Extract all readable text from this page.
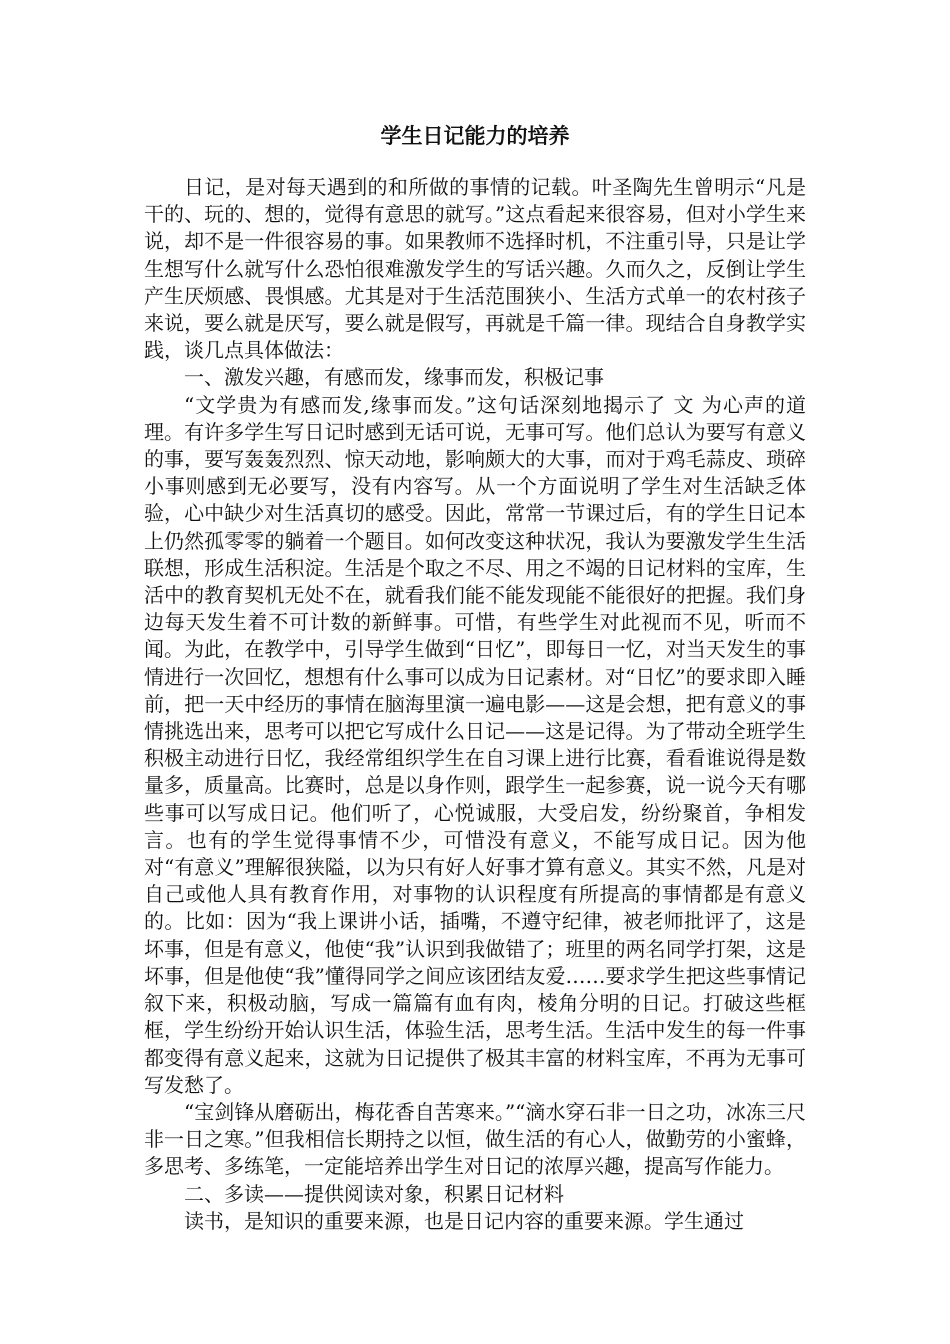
学生日记能力的培养

日记，是对每天遇到的和所做的事情的记载。叶圣陶先生曾明示“凡是干的、玩的、想的，觉得有意思的就写。”这点看起来很容易，但对小学生来说，却不是一件很容易的事。如果教师不选择时机，不注重引导，只是让学生想写什么就写什么恐怕很难激发学生的写话兴趣。久而久之，反倒让学生产生厌烦感、畏惧感。尤其是对于生活范围狭小、生活方式单一的农村孩子来说，要么就是厌写，要么就是假写，再就是千篇一律。现结合自身教学实践，谈几点具体做法：

一、激发兴趣，有感而发，缘事而发，积极记事

“文学贵为有感而发,缘事而发。”这句话深刻地揭示了 文 为心声的道理。有许多学生写日记时感到无话可说，无事可写。他们总认为要写有意义的事，要写轰轰烈烈、惊天动地，影响颇大的大事，而对于鸡毛蒜皮、琐碎小事则感到无必要写，没有内容写。从一个方面说明了学生对生活缺乏体验，心中缺少对生活真切的感受。因此，常常一节课过后，有的学生日记本上仍然孤零零的躺着一个题目。如何改变这种状况，我认为要激发学生生活联想，形成生活积淀。生活是个取之不尽、用之不竭的日记材料的宝库，生活中的教育契机无处不在，就看我们能不能发现能不能很好的把握。我们身边每天发生着不可计数的新鲜事。可惜，有些学生对此视而不见，听而不闻。为此，在教学中，引导学生做到“日忆”，即每日一忆，对当天发生的事情进行一次回忆，想想有什么事可以成为日记素材。对“日忆”的要求即入睡前，把一天中经历的事情在脑海里演一遍电影——这是会想，把有意义的事情挑选出来，思考可以把它写成什么日记——这是记得。为了带动全班学生积极主动进行日忆，我经常组织学生在自习课上进行比赛，看看谁说得是数量多，质量高。比赛时，总是以身作则，跟学生一起参赛，说一说今天有哪些事可以写成日记。他们听了，心悦诚服，大受启发，纷纷聚首，争相发言。也有的学生觉得事情不少，可惜没有意义，不能写成日记。因为他对“有意义”理解很狭隘，以为只有好人好事才算有意义。其实不然，凡是对自己或他人具有教育作用，对事物的认识程度有所提高的事情都是有意义的。比如：因为“我上课讲小话，插嘴，不遵守纪律，被老师批评了，这是坏事，但是有意义，他使“我”认识到我做错了；班里的两名同学打架，这是坏事，但是他使“我”懂得同学之间应该团结友爱……要求学生把这些事情记叙下来，积极动脑，写成一篇篇有血有肉，棱角分明的日记。打破这些框框，学生纷纷开始认识生活，体验生活，思考生活。生活中发生的每一件事都变得有意义起来，这就为日记提供了极其丰富的材料宝库，不再为无事可写发愁了。

“宝剑锋从磨砺出，梅花香自苦寒来。”“滴水穿石非一日之功，冰冻三尺非一日之寒。”但我相信长期持之以恒，做生活的有心人，做勤劳的小蜜蜂，多思考、多练笔，一定能培养出学生对日记的浓厚兴趣，提高写作能力。

二、多读——提供阅读对象，积累日记材料

读书，是知识的重要来源，也是日记内容的重要来源。学生通过
